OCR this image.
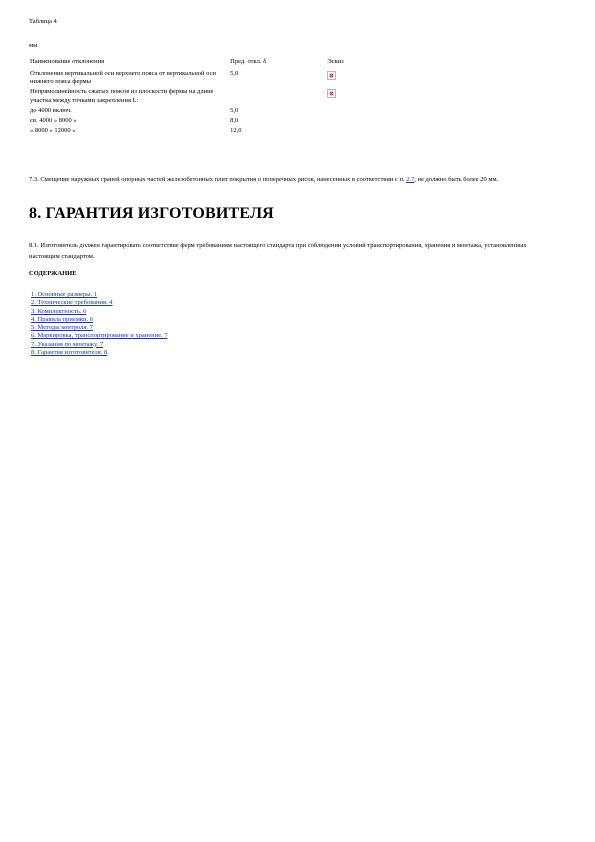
Таблица 4
мм
Наименование отклонения	Пред. откл. δ	Эскиз

Отклонение вертикальной оси верхнего пояса от вертикальной оси нижнего пояса фермы	5,0	

Непрямолинейность сжатых поясов из плоскости фермы на длине участка между точками закрепления L:		

до 4000 включ.	5,0	

св. 4000 » 8000 »	8,0	

» 8000 » 12000 »	12,0	
7.3. Смещение наружных граней опорных частей железобетонных плит покрытия о поперечных рисок, нанесенных в соответствии с п. 2.7, не должно быть более 20 мм.
8. ГАРАНТИЯ ИЗГОТОВИТЕЛЯ
8.1. Изготовитель должен гарантировать соответствие ферм требованиям настоящего стандарта при соблюдении условий транспортирования, хранения и монтажа, установленных настоящим стандартом.
СОДЕРЖАНИЕ
1. Основные размеры. 1
2. Технические требования. 4
3. Комплектность. 6
4. Правила приемки. 6
5. Методы контроля. 7
6. Маркировка, транспортирование и хранение. 7
7. Указания по монтажу. 7
8. Гарантия изготовителя. 8
